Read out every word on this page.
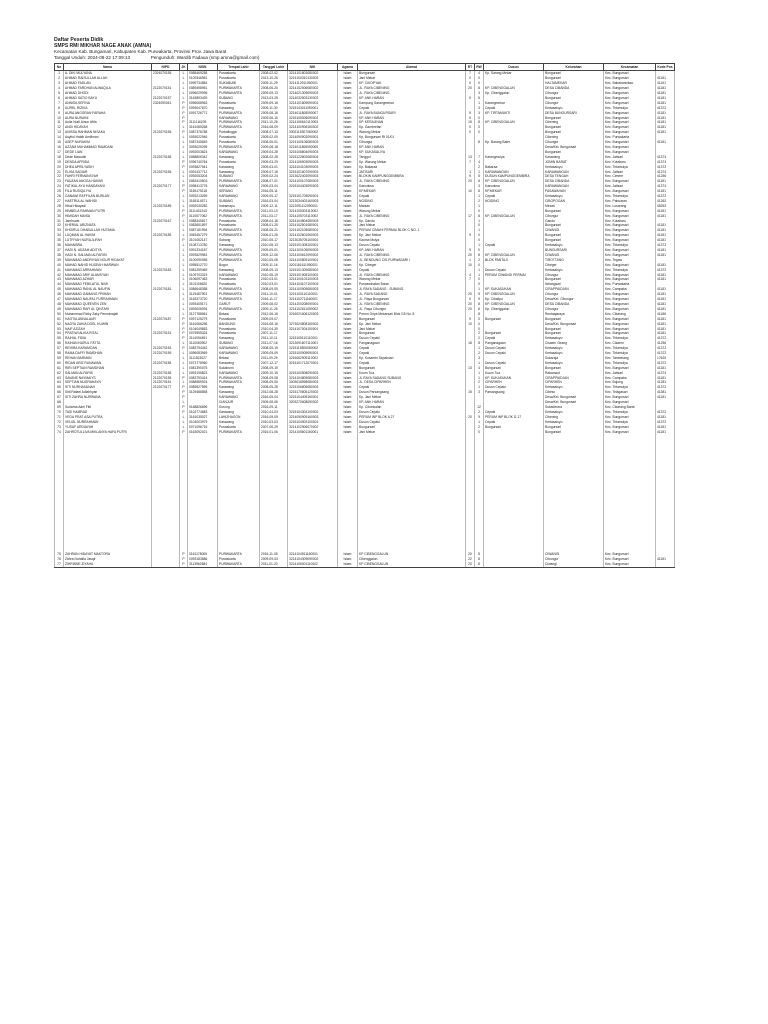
Daftar Peserta Didik
SMPS RMI MIKHAR NAGE ANAK (AMNA)
Kecamatan Kab. Bungamari, Kabupaten Kab. Purwakarta, Provinsi Prov. Jawa Barat
Tanggal Unduh: 2024-08-22 17:09:13	Pengunduh: Wardib Fadaua (smp.amna@gmail.com)
No	Nama	NIPD	JK	NISN	Tempat Lahir	Tanggal Lahir	NIK	Agama	Alamat	RT	RW	Dusun	Kelurahan	Kecamatan	Kode Pos
1	A. DIKI MULYANA	2324070155	L	0088469258	Purwakarta	2008-02-02	3214101803080002	Islam	Bungursari	7	4	Kp. Sarang Mekar	Bungursari	Kec. Bungursari	
2	AHMAD RAISULLAH ALLAH		L	0109346961	Purwakarta	2013-10-26	3214100310130003	Islam	Jani Mekar	0	0		Bungursari	Kec. Bungursari	41181
3	AHMAD FADLAN		L	0099734884	SUKABUMI	2009-11-29	3214112911090001	Islam	KP. CIKOPYAK	0	0		HALTAMEKAR	Kec. Babakancikao	41161
4	AHMAD FARDHAN ALWAQILA	2122070151	L	0089498961	PURWAKARTA	2008-06-20	3214102006080002	Islam	JL. RAYA CIBENING	20	8	KP. CIBENGGALUN	DESA CIBANDA	Kec. Bungursari	41181
5	AHMAD DHODI		L	0096029096	PURWAKARTA	2009-09-13	3214021309090003	Islam	JL. RAYA CIBENING		3	Kp. Cibenggalun	Cibungur	Kec. Bungursari	41181
6	AHMAD SATIO BAYU	2122070157	L	3163893439	SUBANG	2013-03-25	3214032503130002	Islam	KP. ANK HARAN	9	5		Bungursari	Kec. Bungursari	41181
7	ANNISA SEFINA	2324090041	P	0096068963	Purwakarta	2009-09-18	3214101809090001	Islam	Kampung Sarangmekar		1	Karangmekar	Cibungur	Kec. Bungursari	41181
8	AUREL RIZKIA		P	0093047670	Karawang	2009-11-30	3215143011090001	Islam	Cepaki		3	Cepaki	Kertasaluyu	Kec. Tirtamulya	41372
9	AURA ANGGRAN FARAHA		P	0091726771	PURWAKARTA	2009-08-18	3214011808090007	Islam	JL. RAYA BUNGURSARI	9	3	KP. TIRTAMUKTI	DESA BUNGURSARI	Kec. Bungursari	41181
10	AURA NURAINI		P		KARAWANG	2009-06-10	3215105006090002	Islam	KP. ANK HARAN	0	0		Bungursari	Kec. Bungursari	41181
11	Aulia Nuril Ainun Afifa		P	3111116209	PURWAKARTA	2011-10-26	3214106610110003	Islam	KP. KERAJINAN	15	8	KP. CIBENGGALUN	Cibening	Kec. Bungursari	41181
12	ANDI HIDAYAH		L	3161085268	PURWAKARTA	2016-08-09	3214100908160002	Islam	Kp. Gambretan	0	0		Bungursari	Kec. Bungursari	41181
13	ANISSA RAHMAN NISAKA	2122070155	P	0087378788	Purbalingga	2008-07-13	3302115307080002	Islam	Warung Mekar	0	0		Bungursari	Kec. Bungursari	41181
14	Asyiful Habib Amiliman		L	0093022946	Purwakarta	2009-02-09	3214090902090001	Islam	Kp. Bungursari Rt 01/01				Cibening	Kec. Purwakarta	
15	ASEP NURAKIM		L	0087345849	Purwakarta	2008-06-01	3214100106080003	Islam	Cibungur		8	Kp. Barang Baler	Cibungur	Kec. Bungursari	41181
16	AZZAM MUHAMMAD RAMDANI		L	3093025295	PURWAKARTA	2009-08-18	3214011808090005	Islam	KP. ANK HARAN				Desa/Kel. Bungursari	Kec. Bungursari	
17	DEDE LIAN		L	0092003624	KARAWANG	2009-04-28	3215106804090003	Islam	KP. SUKASALIYA				Bungursari	Kec. Bungursari	
18	Dede Masudin	2122070155	L	0088806342	Karawang	2008-02-28	3215122802080004	Islam	Tanggul	13	7	Karangmulya	Karawang	Kec. Jatisari	41374
19	DENDA APRIDA		P	0096740764	Purwakarta	2009-03-29	3214106903090003	Islam	Kp. Warung Mekar	7	4		JOMIN BARAT	Kec. Kotabaru	41374
20	DHEA APRILYASIH		P	0093827541	Karawang	2009-03-01	3215104103090003	Islam	Kp. Bakaraa		2	Bakaraa	Kertasaluyu	Kec. Tirtamulya	41372
21	ELISA SADIAR	2122070155	L	0091437712	Karawang	2009-07-16	3215101607090003	Islam	JATISARI	1	1	KARAWANGAN	KARAWANGAN	Kec. Jatisari	41374
22	FAHRI FERMANSYAH		L	0092053204	SUBANG	2009-02-24	3213022402090003	Islam	BLOKIN KAMPUNGGEMBIRA	9	5	DUSUN KAMPUNGGEMBIRA	DESA TENGAH	Kec. Cimere	41256
23	FAUZAN ANGGA HAKIMI		L	0083410603	PURWAKARTA	2008-07-01	3214100107080003	Islam	JL. RAYA CIBENING	20	8	KP. CIBENGGALUN	DESA CIBANDA	Kec. Bungursari	41181
24	FATIKAL AYU HANDAYANI	2122070177	P	0098413776	KARAWANG	2009-03-04	3215104403090003	Islam	Kaeonksa		3	Kaeonksa	KARAWANGAN	Kec. Jatisari	41374
25	FILA RUSIQA IYA		P	3165175118	SERANG	2016-05-11		Islam	KP.MEKAR	10	8	KP.MEKAR	PASAWAHAN	Kec. Bungursari	41181
26	GANAWI RAFFILAN BURLAN		L	0093213259	KARAWANG	2009-05-17	3215101705090001	Islam	Cepaki		1	Cepaki	Kertasaluyu	Kec. Tirtamulya	41372
27	HAETRULAL WAHIDI		L	3165114571	SUBANG	2016-03-04	3213034403160003	Islam	NGIDING		2	NGIDING	CIBOPOGAN	Kec. Pabuaran	41262
28	Hikal Hikayadi	2122070189	L	0092030282	Indramayu	2009-12-11	3212091112090001	Islam	Mantan		1		Mirsari	Kec. Losarang	45253
29	HIMBELA RAHMAN PUTRI		P	3111431243	PURWAKARTA	2011-03-13	3214105303110002	Islam	Warung Mekar		0		Bungursari	Kec. Bungursari	41181
30	HIMIDAH MAISA		P	0110577062	PURWAKARTA	2011-03-17	3214105703110002	Islam	JL. RAYA CIBENING	17	8	KP. CIBENGGALUN	Cibungur	Kec. Bungursari	41181
31	Jamhuvat	2122070167	L	0088345817	Purwakarta	2008-04-18	3214104804080003	Islam	Kp. Gandu		1		Gandu	Kec. Kotabaru	
32	KHERIAL ARIZNATA		L	0083651897	Purwakarta	2008-01-25	3214102501080001	Islam	Jani Mekar		0		Bungursari	Kec. Bungursari	41181
33	KHOIRUL DHABULLAH HUTAMA		L	0087181994	PURWAKARTA	2008-05-21	3214102105080001	Islam	PERUM CIMAHI PERMAI BLOK C NO. 1		1		CIWANGI	Kec. Bungursari	41181
34	LUQMAN AL HAKIM	2122070189	L	3063457279	PURWAKARTA	2006-01-26	3214102601060003	Islam	Kp. Jani Mekar	9	0		Bungursari	Kec. Bungursari	41181
35	LUTFIYAH NURUJLIFAH		P	3101052147	Subang	2010-05-17	3213035705100001	Islam	Kauma Mulya		0		Bungursari	Kec. Bungursari	41181
36	MAHAIBRA		L	0108713780	Karawang	2010-08-13	3215101308100001	Islam	Dusun Cepaki		1	Cepaki	Kertasaluyu	Kec. Tirtamulya	41372
37	HADI N. ADZAM ADITYA		L	0091334187	PURWAKARTA	2009-09-01	3214100109090003	Islam	KP. ANK HARAN	9	0		BUNGURSARI	Kec. Bungursari	41181
38	HADI N. SALMAN ALFARISI		L	0093529981	PURWAKARTA	2009-12-06	3214100612090002	Islam	JL. RAYA CIBENING	20	8	KP. CIBENGGALUN	CIWANGI	Kec. Bungursari	41181
39	MAHAMAD ANDRIYAN NOUR HIDAYAT		L	0100090055	PURWAKARTA	2010-05-08	3214100805100001	Islam	JL. BENDUNG CIS-PURWASARI I	1	2	BLOK PANTAJI	TIROTTANG	Kec. Tegaw	
40	MAHAD NAHID HUSEAH MARWAN		L	0095512770	Bogor	2009-11-16	3201161611090001	Islam	Kp. Cibeger	10	0		Cibeger	Kec. Bungursari	41181
41	MAHAMAD ARRAHMAN	2122070183	L	0081259469	Karawang	2008-09-13	3215101309080002	Islam	Cepaki		1	Dusun Cepaki	Kertasaluyu	Kec. Tirtamulya	41372
42	MAHAMAD ARIF ALAMSYAH		L	0109703319	KARAWANG	2010-08-19	3215101908100002	Islam	JL. RAYA CIBENING	4	1	PERUM CIWANGI PERMAI	Cibungur	Kec. Bungursari	41181
43	MAHAMAD AZHAR		L	0106097463	Purwakarta	2010-03-01	3214100103100003	Islam	Warung Mekar	7	0		Bungursari	Kec. Bungursari	41181
44	MAHAMAD FEBILATUL NIMI		L	3101106620	Purwakarta	2010-03-01	3214104107100003	Islam	Purwawinatan Barat		0		Nelangsari	Kec. Purwakarta	
45	MAHAMAD RANIL AL NAUFIN	2122070181	L	0086648358	PURWAKARTA	2008-09-09	3214100909080003	Islam	JL RAYA SADANG - SUBANG		1	KP. SUKASUKAN	CIRAPPAIDJAN	Kec. Campaka	41181
46	MAHAMAD GAMANG PRIHAN		L	3119487903	PURWAKARTA	2011-10-01	3214100110110001	Islam	JL. RAYA SADANG	20	9	KP. CIBENGGALUN	Cibungur	Kec. Bungursari	41181
47	MAHAMAD NAUFAL FURRAHMAN		L	3163373720	PURWAKARTA	2016-11-17	3214102711160001	Islam	JL. Raya Bungursari	0	9	Kp. Cibalipu	Desa/Kel. Cibungur	Kec. Bungursari	41181
48	MAHAMAD QUEEVEN ZEN		L	0093405171	GARUT	2009-08-02	3214100208090001	Islam	JL. RAYA CIBENING	20	8	KP. CIBENGGALUN	DESA CIBANDA	Kec. Bungursari	41181
49	MAHAMAD RAFI AL QINTARI		L	0093006094	PURWAKARTA	2009-11-26	3214102611090002	Islam	JL. Raya Cibungur	20	8	Kp. Cibenggalun	Cibungur	Kec. Bungursari	41181
50	Muhammad Rizky Zaky Permanajati		L	3127788561	Bekasi	2012-06-16	3216021606120003	Islam	Perum Griya Mekarsari Blok G5 No. 8		8		Rentaajaraya	Kec. Cikarang	41186
51	HAOTIA ANNALAUR	2122070187	P	0097125279	Purwakarta	2009-09-07		Islam	Bungursari	9	0	Bungursari	Bungursari	Kec. Bungursari	41181
52	NADYA ZAHIA DOEL HUWIN		P	3161066256	BANDUNG	2016-08-16	3273024808160002	Islam	Kp. Jani Mekar	10	0		Desa/Kel. Bungursari	Kec. Bungursari	41181
53	NAIF AZIZAH		P	0104049853	Purwakarta	2010-04-30	3214107004100001	Islam	Jani Mekar		0		Bungursari	Kec. Bungursari	41181
54	PRATIWI ALIKA RITAL	2122070151	P	0075955324	Purwakarta	2007-11-17		Islam	Bungursari		2	Bungursari	Bungursari	Kec. Bungursari	41181
55	RAIHAL FIDIA		P	3114054451	Karawang	2011-10-11	3215105110110001	Islam	Dusun Cepaki		2	Cepaki	Kertasaluyu	Kec. Tirtamulya	41372
56	RAIHAN NURUL FATTA		L	3110060902	SUBANG	2011-07-16	3213091607110001	Islam	Panganagaan	18	8	Panganagaan	Cisaem Girang	Kec. Cisaem	41256
57	REHIRA KARAMOAN	2122070153	P	0083794442	KARAWANG	2008-05-15	3215115505080002	Islam	Cepaki		1	Dusun Cepaki	Kertasaluyu	Kec. Tirtamulya	41372
58	RAMA DAFFI RAMDHAN	2122070159	L	0096083969	KARAWANG	2009-09-09	3215100909090001	Islam	Cepaki		2	Dusun Cepaki	Kertasaluyu	Kec. Tirtamulya	41372
59	REHAN BARMAN		L	3111823027	Bekasi	2011-09-29	3216062909110002	Islam	Kp. Kosambi Sepakuan		3		Sukaraja	Kec. Tambelang	17620
60	RIDAN ARIZ RUNAWAN	2122070155	L	0073778960	Karawang	2007-12-17	3215101712070001	Islam	Cepaki		1	Dusun Cepaki	Kertasaluyu	Kec. Tirtamulya	41372
61	RIRI SEPTIAN RAMDHAN		L	0081390075	Sukabumi	2008-09-19		Islam	Bungursari	13	4	Bungursari	Bungursari	Kec. Bungursari	41181
62	SALMAN ALFARIS	2122070155	L	0093195823	KARAWANG	2009-10-15	3215100508090003	Islam	Kuum Tua		1	Kuum Tua	Rabanwot	Kec. Jatisari	41374
63	SAVANE NAYMAIYS	2122070155	P	0083793414	PURWAKARTA	2008-09-08	3214104809080003	Islam	JL RAYA SADANG SUBANG		1	KP. SUKASUKAN	CIRAPPAIDJAN	Kec. Campaka	41181
64	SEPTIAN NUGRAHAYN	2122070151	L	0088989924	PURWAKARTA	2008-09-06	3003018998080003	Islam	JL. DESA CIPARHEN		2	CIPARHEN	CIPARHEN	Kec. Bojong	41281
65	SITI NURHASANAH	2122070177	P	0089527599	Karawang	2008-05-28	3215106805080003	Islam	Cepaki		1	Dusun Cepaki	Kertasaluyu	Kec. Tirtamulya	41372
66	Sitti Rafael Adiahhyah		P	3129488858	Karawang	2012-08-28	3215170805120002	Islam	Dusun Parsangsang	15	3	Parsangsang	Cibeso	Kec. Telagasari	41381
67	SITI ZAHRA NURWANA		P		KARAWANG	2016-05-04	3215104405160001	Islam	Kp. Jani Mekar				Desa/Kel. Bungursari	Kec. Bungursari	41181
68			L		CIANJUR	2009-08-06	3203270608090002	Islam	KP. ANK HARAN				Desa/Kel. Bungursari	Kec. Bungursari	
69	Sudarna Adel Fitri		P	0168826696	Sorong	2016-09-11		Islam	Kp. Cibunkaian		12		Sukaderara	Kec. Cikarang Barat	
70	TASI HAMRAD		P	0102774683	Karawang	2010-04-03	3215104304100002	Islam	Dusun Cepaki		2	Cepaki	Kertasaluyu	Kec. Tirtamulya	41372
71	VEGA PRAT ASA PUTRA		L	3161035027	LAHIZHAGON	2016-09-09	3214090909160003	Islam	PERUM INP BLOK A 27	20	9	PERUM INP BLOK D-17	Cibening	Kec. Bungursari	41181
72	VEUGL NURRAHMAN		L	0104003979	Karawang	2010-03-03	3215104903100001	Islam	Dusun Cepaki		1	Cepaki	Kertasaluyu	Kec. Tirtamulya	41372
73	YUSUF ARDIAYAH		L	0071096716	Purwakarta	2007-06-29	3214102906070002	Islam	Bungursari		2	Bungursari	Bungursari	Kec. Bungursari	41181
74	ZAHROTULLIVA MIKLANYA HAFA PUTRI		P	0163092021	PURWAKARTA	2016-01-06	3214105601160001	Islam	Jani Mekar		0		Bungursari	Kec. Bungursari	41181

75	ZAHRAN HIDAYAT MAKTORA		P	3161178006	PURWAKARTA	2016-11-05	3214104511160001	Islam	KP CIBENGGALUN	20	8		CIWANGI	Kec. Bungursari	
76	Zahra Nuhafia Jasqir		P	0093183686	Purwakarta	2009-09-03	3214104309090002	Islam	Cibenggalun	22	8		Cibungur	Kec. Bungursari	41181
77	ZIHRINNE ZIYAHA		P	3113962684	PURWAKARTA	2011-01-20	3214106001110002	Islam	KP CIBENGGALUN	20	8		Ciwangi	Kec. Bungursari	
